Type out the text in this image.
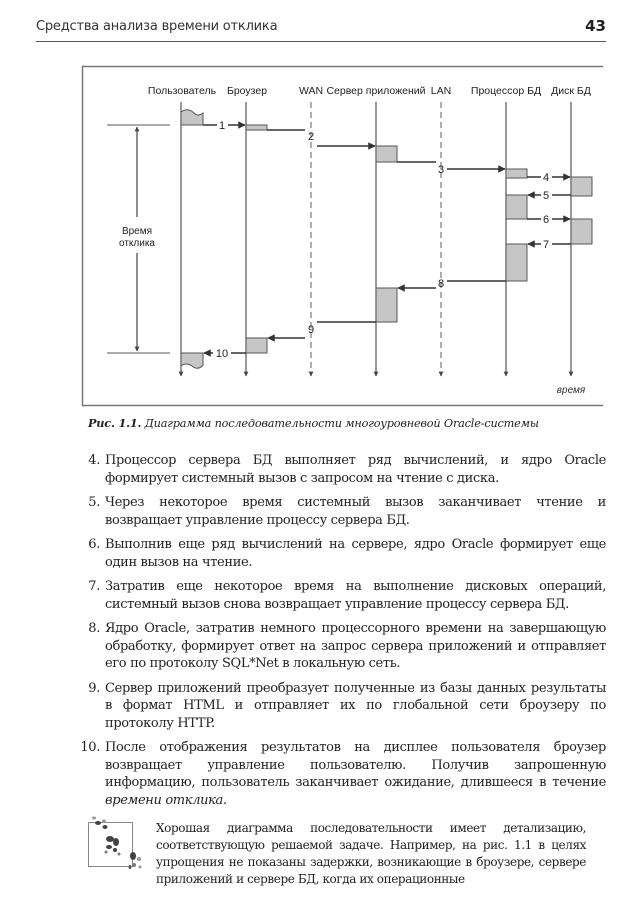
Средства анализа времени отклика	43
Пользователь Броузер	WAN Сервер приложений LAN Процессор БД Диск БД
Время
отклика
1
2
3
4
5
6
7
8
9
10
время
Рис. 1.1. Диаграмма последовательности многоуровневой Oracle-системы
4. Процессор сервера БД выполняет ряд вычислений, и ядро Oracle формирует системный вызов с запросом на чтение с диска.
5. Через некоторое время системный вызов заканчивает чтение и возвращает управление процессу сервера БД.
6. Выполнив еще ряд вычислений на сервере, ядро Oracle формирует еще один вызов на чтение.
7. Затратив еще некоторое время на выполнение дисковых операций, системный вызов снова возвращает управление процессу сервера БД.
8. Ядро Oracle, затратив немного процессорного времени на завершающую обработку, формирует ответ на запрос сервера приложений и отправляет его по протоколу SQL*Net в локальную сеть.
9. Сервер приложений преобразует полученные из базы данных результаты в формат HTML и отправляет их по глобальной сети броузеру по протоколу HTTP.
10. После отображения результатов на дисплее пользователя броузер возвращает управление пользователю. Получив запрошенную информацию, пользователь заканчивает ожидание, длившееся в течение времени отклика.
Хорошая диаграмма последовательности имеет детализацию, соответствующую решаемой задаче. Например, на рис. 1.1 в целях упрощения не показаны задержки, возникающие в броузере, сервере приложений и сервере БД, когда их операционные
